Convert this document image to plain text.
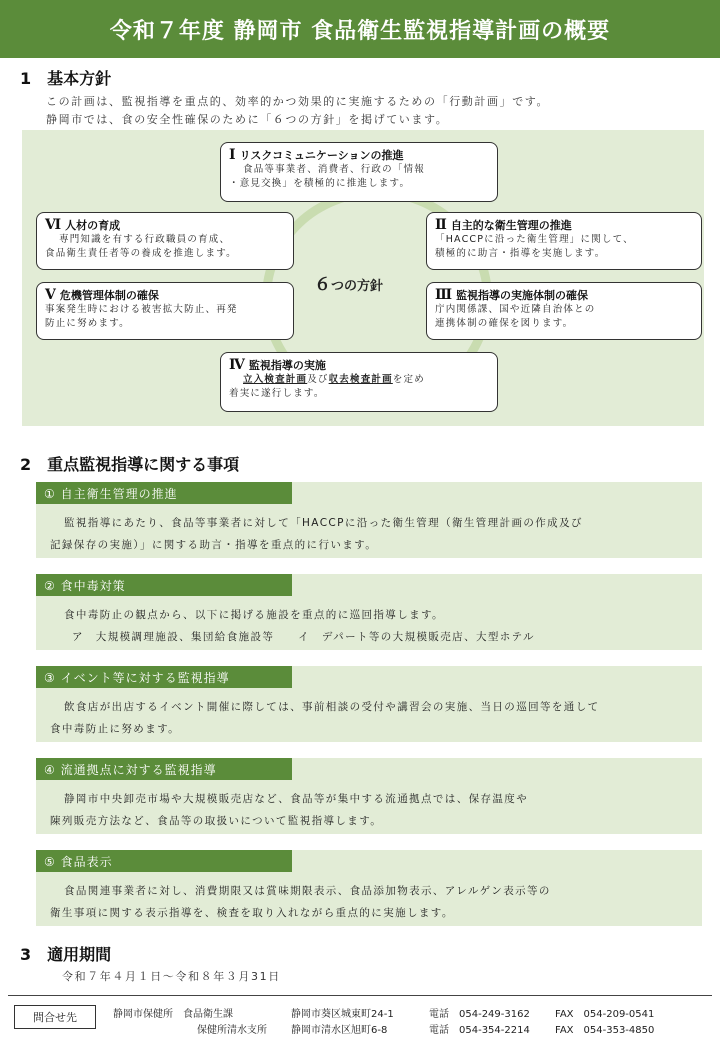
令和７年度 静岡市 食品衛生監視指導計画の概要
1　基本方針
この計画は、監視指導を重点的、効率的かつ効果的に実施するための「行動計画」です。
静岡市では、食の安全性確保のために「６つの方針」を掲げています。
６つの方針
Ⅰ リスクコミュニケーションの推進
食品等事業者、消費者、行政の「情報
・意見交換」を積極的に推進します。
Ⅱ 自主的な衛生管理の推進
「HACCPに沿った衛生管理」に関して、
積極的に助言・指導を実施します。
Ⅲ 監視指導の実施体制の確保
庁内関係課、国や近隣自治体との
連携体制の確保を図ります。
Ⅳ 監視指導の実施
立入検査計画及び収去検査計画を定め
着実に遂行します。
Ⅴ 危機管理体制の確保
事案発生時における被害拡大防止、再発
防止に努めます。
Ⅵ 人材の育成
専門知識を有する行政職員の育成、
食品衛生責任者等の養成を推進します。
2　重点監視指導に関する事項
① 自主衛生管理の推進
監視指導にあたり、食品等事業者に対して「HACCPに沿った衛生管理（衛生管理計画の作成及び
記録保存の実施）」に関する助言・指導を重点的に行います。
② 食中毒対策
食中毒防止の観点から、以下に掲げる施設を重点的に巡回指導します。
ア　大規模調理施設、集団給食施設等　　イ　デパート等の大規模販売店、大型ホテル
③ イベント等に対する監視指導
飲食店が出店するイベント開催に際しては、事前相談の受付や講習会の実施、当日の巡回等を通して
食中毒防止に努めます。
④ 流通拠点に対する監視指導
静岡市中央卸売市場や大規模販売店など、食品等が集中する流通拠点では、保存温度や
陳列販売方法など、食品等の取扱いについて監視指導します。
⑤ 食品表示
食品関連事業者に対し、消費期限又は賞味期限表示、食品添加物表示、アレルゲン表示等の
衛生事項に関する表示指導を、検査を取り入れながら重点的に実施します。
3　適用期間
令和７年４月１日～令和８年３月31日
問合せ先	静岡市保健所　食品衛生課	静岡市葵区城東町24-1	電話　054-249-3162	FAX　054-209-0541
保健所清水支所 静岡市清水区旭町6-8	電話　054-354-2214	FAX　054-353-4850
